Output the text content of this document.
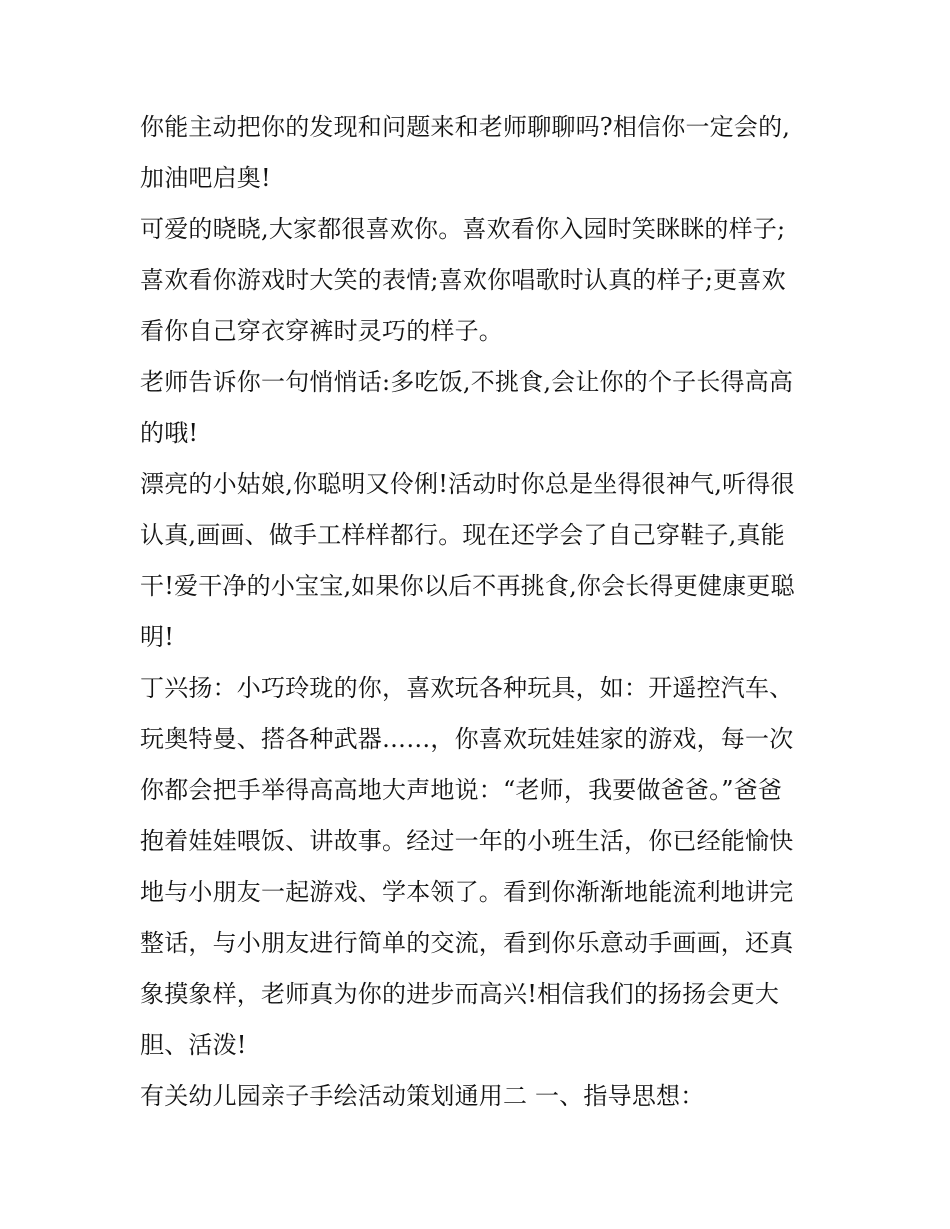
你能主动把你的发现和问题来和老师聊聊吗?相信你一定会的,
加油吧启奥!
可爱的晓晓,大家都很喜欢你。喜欢看你入园时笑眯眯的样子;
喜欢看你游戏时大笑的表情;喜欢你唱歌时认真的样子;更喜欢
看你自己穿衣穿裤时灵巧的样子。
老师告诉你一句悄悄话:多吃饭,不挑食,会让你的个子长得高高
的哦!
漂亮的小姑娘,你聪明又伶俐!活动时你总是坐得很神气,听得很
认真,画画、做手工样样都行。现在还学会了自己穿鞋子,真能
干!爱干净的小宝宝,如果你以后不再挑食,你会长得更健康更聪
明!
丁兴扬：小巧玲珑的你，喜欢玩各种玩具，如：开遥控汽车、
玩奥特曼、搭各种武器……，你喜欢玩娃娃家的游戏，每一次
你都会把手举得高高地大声地说：“老师，我要做爸爸。”爸爸
抱着娃娃喂饭、讲故事。经过一年的小班生活，你已经能愉快
地与小朋友一起游戏、学本领了。看到你渐渐地能流利地讲完
整话，与小朋友进行简单的交流，看到你乐意动手画画，还真
象摸象样，老师真为你的进步而高兴!相信我们的扬扬会更大
胆、活泼!
有关幼儿园亲子手绘活动策划通用二 一、指导思想：
